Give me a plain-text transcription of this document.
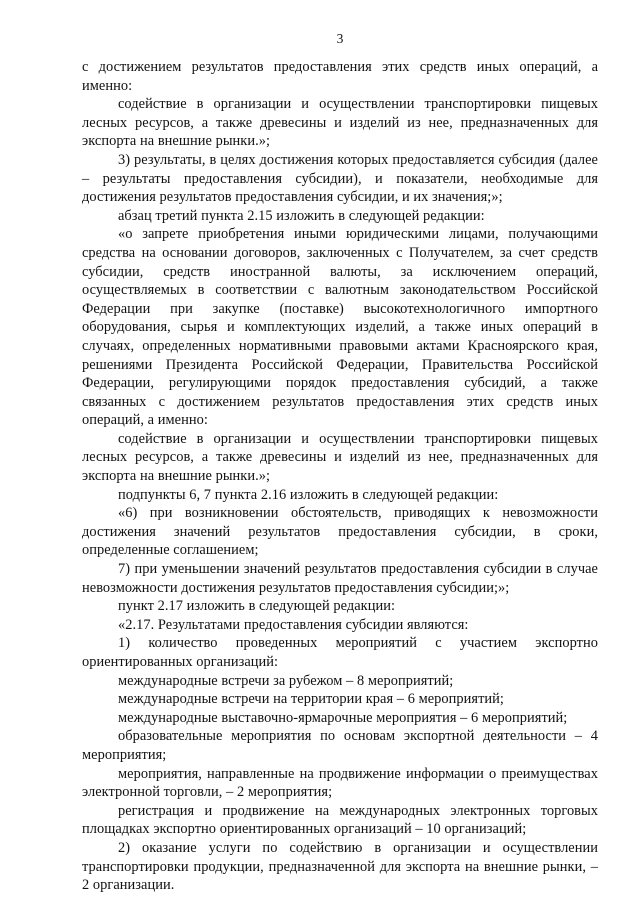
3

с достижением результатов предоставления этих средств иных операций, а именно:

содействие в организации и осуществлении транспортировки пищевых лесных ресурсов, а также древесины и изделий из нее, предназначенных для экспорта на внешние рынки.»;

3) результаты, в целях достижения которых предоставляется субсидия (далее – результаты предоставления субсидии), и показатели, необходимые для достижения результатов предоставления субсидии, и их значения;»;

абзац третий пункта 2.15 изложить в следующей редакции:

«о запрете приобретения иными юридическими лицами, получающими средства на основании договоров, заключенных с Получателем, за счет средств субсидии, средств иностранной валюты, за исключением операций, осуществляемых в соответствии с валютным законодательством Российской Федерации при закупке (поставке) высокотехнологичного импортного оборудования, сырья и комплектующих изделий, а также иных операций в случаях, определенных нормативными правовыми актами Красноярского края, решениями Президента Российской Федерации, Правительства Российской Федерации, регулирующими порядок предоставления субсидий, а также связанных с достижением результатов предоставления этих средств иных операций, а именно:

содействие в организации и осуществлении транспортировки пищевых лесных ресурсов, а также древесины и изделий из нее, предназначенных для экспорта на внешние рынки.»;

подпункты 6, 7 пункта 2.16 изложить в следующей редакции:

«6) при возникновении обстоятельств, приводящих к невозможности достижения значений результатов предоставления субсидии, в сроки, определенные соглашением;

7) при уменьшении значений результатов предоставления субсидии в случае невозможности достижения результатов предоставления субсидии;»;

пункт 2.17 изложить в следующей редакции:

«2.17. Результатами предоставления субсидии являются:

1) количество проведенных мероприятий с участием экспортно ориентированных организаций:

международные встречи за рубежом – 8 мероприятий;

международные встречи на территории края – 6 мероприятий;

международные выставочно-ярмарочные мероприятия – 6 мероприятий;

образовательные мероприятия по основам экспортной деятельности – 4 мероприятия;

мероприятия, направленные на продвижение информации о преимуществах электронной торговли, – 2 мероприятия;

регистрация и продвижение на международных электронных торговых площадках экспортно ориентированных организаций – 10 организаций;

2) оказание услуги по содействию в организации и осуществлении транспортировки продукции, предназначенной для экспорта на внешние рынки, – 2 организации.
